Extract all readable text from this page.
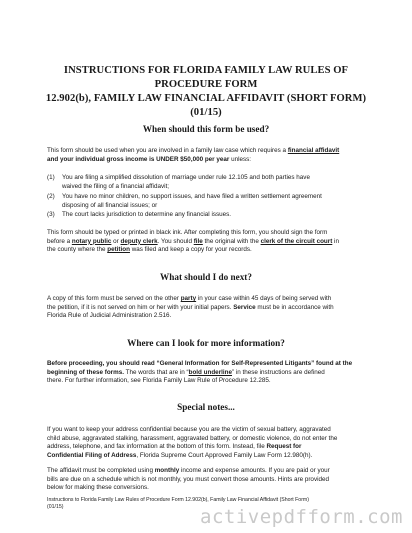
INSTRUCTIONS FOR FLORIDA FAMILY LAW RULES OF PROCEDURE FORM
12.902(b), FAMILY LAW FINANCIAL AFFIDAVIT (SHORT FORM) (01/15)
When should this form be used?
This form should be used when you are involved in a family law case which requires a financial affidavit
and your individual gross income is UNDER $50,000 per year unless:
(1) You are filing a simplified dissolution of marriage under rule 12.105 and both parties have
waived the filing of a financial affidavit;
(2) You have no minor children, no support issues, and have filed a written settlement agreement
disposing of all financial issues; or
(3) The court lacks jurisdiction to determine any financial issues.
This form should be typed or printed in black ink. After completing this form, you should sign the form
before a notary public or deputy clerk. You should file the original with the clerk of the circuit court in
the county where the petition was filed and keep a copy for your records.
What should I do next?
A copy of this form must be served on the other party in your case within 45 days of being served with
the petition, if it is not served on him or her with your initial papers. Service must be in accordance with
Florida Rule of Judicial Administration 2.516.
Where can I look for more information?
Before proceeding, you should read “General Information for Self-Represented Litigants” found at the
beginning of these forms. The words that are in “bold underline” in these instructions are defined
there. For further information, see Florida Family Law Rule of Procedure 12.285.
Special notes...
If you want to keep your address confidential because you are the victim of sexual battery, aggravated
child abuse, aggravated stalking, harassment, aggravated battery, or domestic violence, do not enter the
address, telephone, and fax information at the bottom of this form. Instead, file Request for
Confidential Filing of Address, Florida Supreme Court Approved Family Law Form 12.980(h).
The affidavit must be completed using monthly income and expense amounts. If you are paid or your
bills are due on a schedule which is not monthly, you must convert those amounts. Hints are provided
below for making these conversions.
Instructions to Florida Family Law Rules of Procedure Form 12.902(b), Family Law Financial Affidavit (Short Form)
(01/15)	activepdfform.com
